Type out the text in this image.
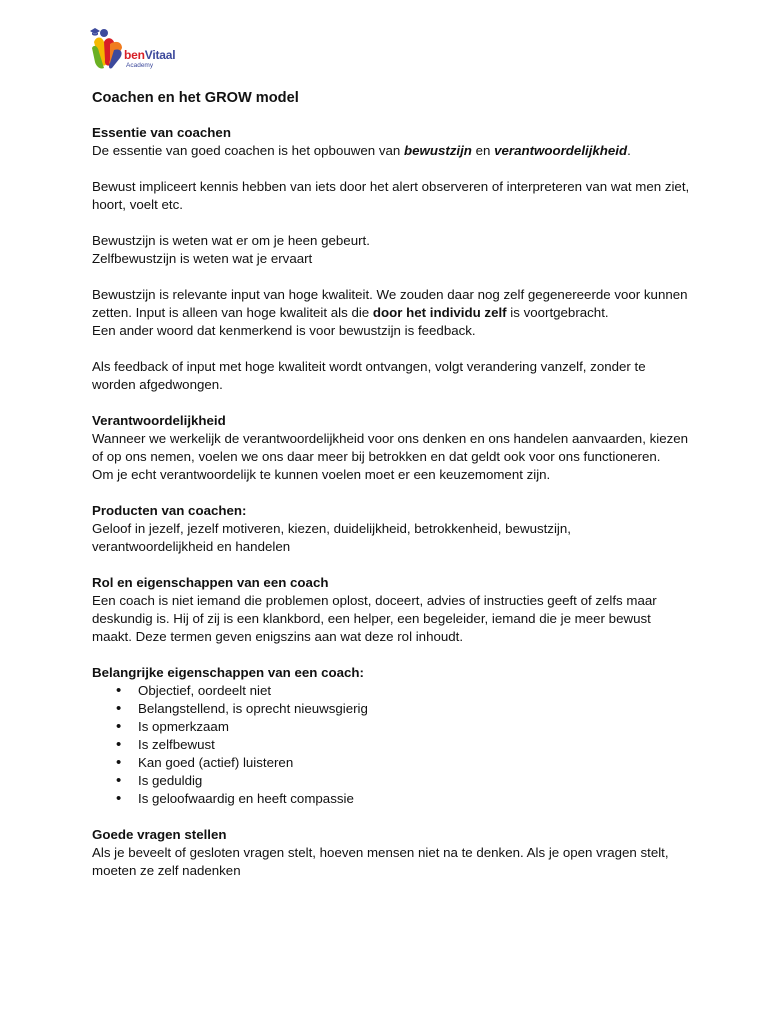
benVitaal
Academy
Coachen en het GROW model
Essentie van coachen

De essentie van goed coachen is het opbouwen van bewustzijn en verantwoordelijkheid.

Bewust impliceert kennis hebben van iets door het alert observeren of interpreteren van wat men ziet, hoort, voelt etc.

Bewustzijn is weten wat er om je heen gebeurt.

Zelfbewustzijn is weten wat je ervaart

Bewustzijn is relevante input van hoge kwaliteit. We zouden daar nog zelf gegenereerde voor kunnen zetten. Input is alleen van hoge kwaliteit als die door het individu zelf is voortgebracht.

Een ander woord dat kenmerkend is voor bewustzijn is feedback.

Als feedback of input met hoge kwaliteit wordt ontvangen, volgt verandering vanzelf, zonder te worden afgedwongen.

Verantwoordelijkheid

Wanneer we werkelijk de verantwoordelijkheid voor ons denken en ons handelen aanvaarden, kiezen of op ons nemen, voelen we ons daar meer bij betrokken en dat geldt ook voor ons functioneren.

Om je echt verantwoordelijk te kunnen voelen moet er een keuzemoment zijn.

Producten van coachen:

Geloof in jezelf, jezelf motiveren, kiezen, duidelijkheid, betrokkenheid, bewustzijn, verantwoordelijkheid en handelen

Rol en eigenschappen van een coach

Een coach is niet iemand die problemen oplost, doceert, advies of instructies geeft of zelfs maar deskundig is. Hij of zij is een klankbord, een helper, een begeleider, iemand die je meer bewust maakt. Deze termen geven enigszins aan wat deze rol inhoudt.

Belangrijke eigenschappen van een coach:
• Objectief, oordeelt niet
• Belangstellend, is oprecht nieuwsgierig
• Is opmerkzaam
• Is zelfbewust
• Kan goed (actief) luisteren
• Is geduldig
• Is geloofwaardig en heeft compassie
Goede vragen stellen

Als je beveelt of gesloten vragen stelt, hoeven mensen niet na te denken. Als je open vragen stelt, moeten ze zelf nadenken
